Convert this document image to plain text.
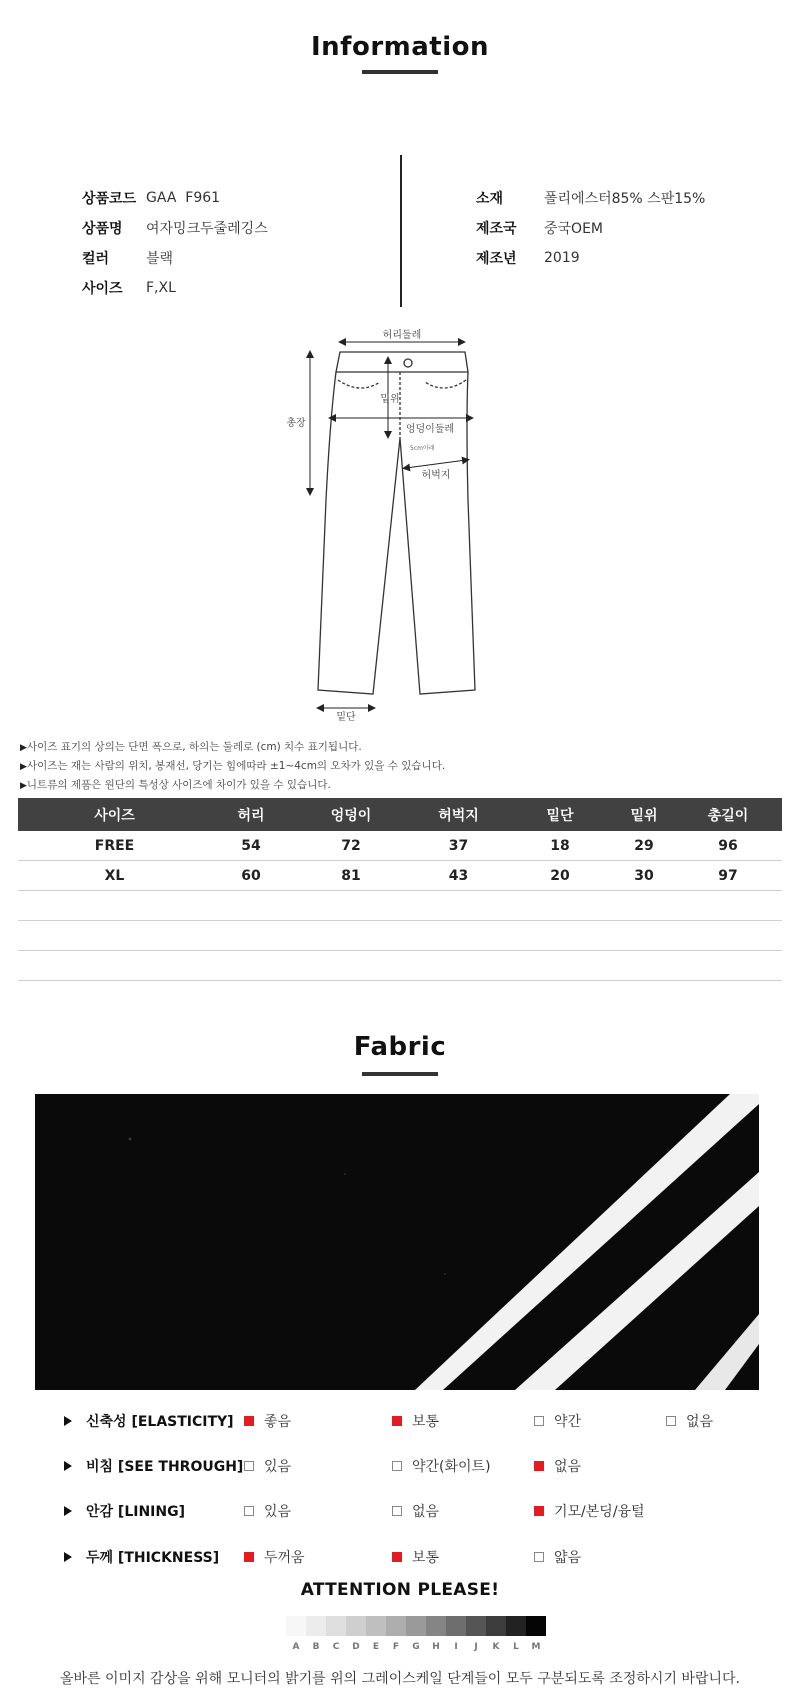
Information
상품코드 GAA  F961
상품명	여자밍크두줄레깅스
컬러	블랙
사이즈	F,XL
소재	폴리에스터85% 스판15%
제조국	중국OEM
제조년	2019
허리둘레
밑위
엉덩이둘레
허벅지
5cm아래
총장
밑단
▶ 사이즈 표기의 상의는 단면 폭으로, 하의는 둘레로 (cm) 치수 표기됩니다.
▶ 사이즈는 재는 사람의 위치, 봉재선, 당기는 힘에따라 ±1~4cm의 오차가 있을 수 있습니다.
▶ 니트류의 제품은 원단의 특성상 사이즈에 차이가 있을 수 있습니다.
사이즈	허리	엉덩이	허벅지	밑단	밑위	총길이
FREE	54	72	37	18	29	96
XL	60	81	43	20	30	97

Fabric
신축성 [ELASTICITY] 좋음	보통	약간	없음
비침 [SEE THROUGH] 있음	약간(화이트)	없음
안감 [LINING]	있음	없음	기모/본딩/융털
두께 [THICKNESS]	두꺼움	보통	얇음
ATTENTION PLEASE!
A	B	C	D	E	F	G	H	I	J	K	L	M
올바른 이미지 감상을 위해 모니터의 밝기를 위의 그레이스케일 단계들이 모두 구분되도록 조정하시기 바랍니다.
